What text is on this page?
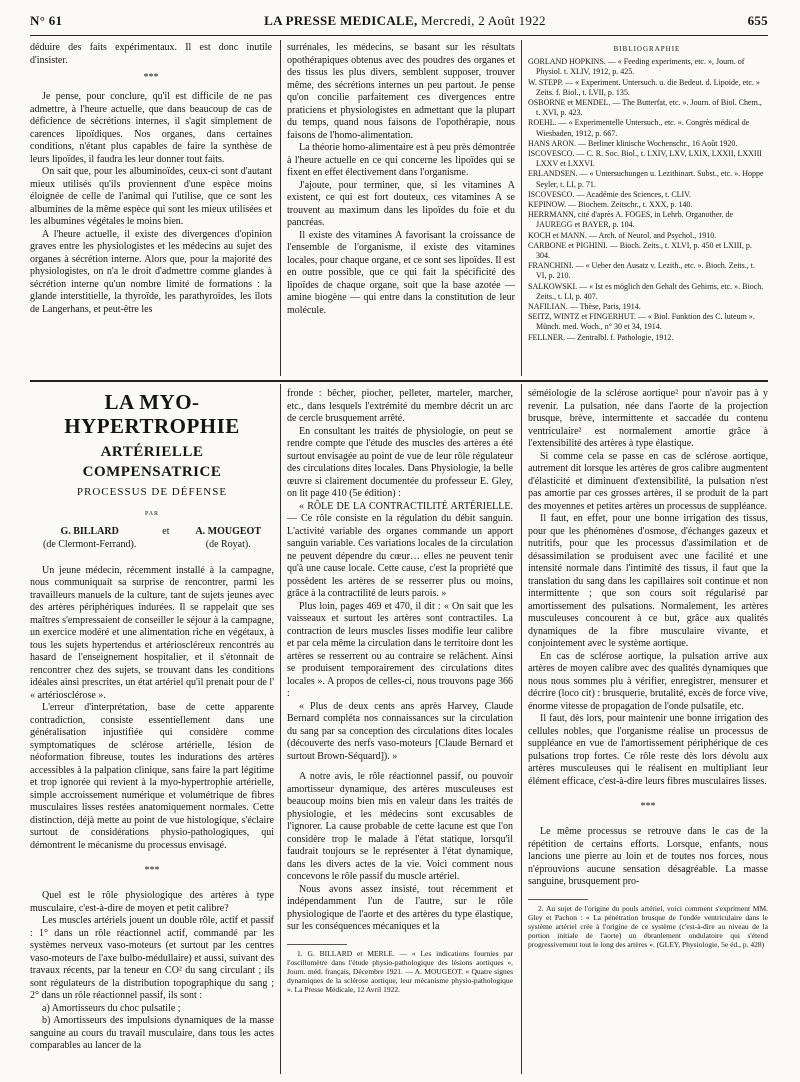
N° 61	LA PRESSE MEDICALE, Mercredi, 2 Août 1922	655

déduire des faits expérimentaux. Il est donc inutile d'insister.

***

Je pense, pour conclure, qu'il est difficile de ne pas admettre, à l'heure actuelle, que dans beaucoup de cas de déficience de sécrétions internes, il s'agit simplement de carences lipoïdiques. Nos organes, dans certaines conditions, n'étant plus capables de faire la synthèse de leurs lipoïdes, il faudra les leur donner tout faits.

On sait que, pour les albuminoïdes, ceux-ci sont d'autant mieux utilisés qu'ils proviennent d'une espèce moins éloignée de celle de l'animal qui l'utilise, que ce sont les albumines de la même espèce qui sont les mieux utilisées et les albumines végétales le moins bien.

A l'heure actuelle, il existe des divergences d'opinion graves entre les physiologistes et les médecins au sujet des organes à sécrétion interne. Alors que, pour la majorité des physiologistes, on n'a le droit d'admettre comme glandes à sécrétion interne qu'un nombre limité de formations : la glande interstitielle, la thyroïde, les parathyroïdes, les îlots de Langerhans, et peut-être les

surrénales, les médecins, se basant sur les résultats opothérapiques obtenus avec des poudres des organes et des tissus les plus divers, semblent supposer, trouver même, des sécrétions internes un peu partout. Je pense qu'on concilie parfaitement ces divergences entre praticiens et physiologistes en admettant que la plupart du temps, quand nous faisons de l'opothérapie, nous faisons de l'homo-alimentation.

La théorie homo-alimentaire est à peu près démontrée à l'heure actuelle en ce qui concerne les lipoïdes qui se fixent en effet électivement dans l'organisme.

J'ajoute, pour terminer, que, si les vitamines A existent, ce qui est fort douteux, ces vitamines A se trouvent au maximum dans les lipoïdes du foie et du pancréas.

Il existe des vitamines A favorisant la croissance de l'ensemble de l'organisme, il existe des vitamines locales, pour chaque organe, et ce sont ses lipoïdes. Il est en outre possible, que ce qui fait la spécificité des lipoïdes de chaque organe, soit que la base azotée — amine biogène — qui entre dans la constitution de leur molécule.

BIBLIOGRAPHIE

GORLAND HOPKINS. — « Feeding experiments, etc. », Journ. of Physiol. t. XLIV, 1912, p. 425.

W. STEPP. — « Experiment. Untersuch. u. die Bedeut. d. Lipoide, etc. » Zeits. f. Biol., t. LVII, p. 135.

OSBORNE et MENDEL. — The Butterfat, etc. ». Journ. of Biol. Chem., t. XVI, p. 423.

ROEHL. — « Experimentelle Untersuch., etc. ». Congrès médical de Wiesbaden, 1912, p. 667.

HANS ARON. — Berliner klinische Wochenschr., 16 Août 1920.

ISCOVESCO. — C. R. Soc. Biol., t. LXIV, LXV, LXIX, LXXII, LXXIII LXXV et LXXVI.

ERLANDSEN. — « Untersuchungen u. Lezithinart. Subst., etc. ». Hoppe Seyler, t. LI, p. 71.

ISCOVESCO. — Académie des Sciences, t. CLIV.

KEPINOW. — Biochem. Zeitschr., t. XXX, p. 140.

HERRMANN, cité d'après A. FOGES, in Lehrb. Organother. de JAUREGG et BAYER, p. 104.

KOCH et MANN. — Arch. of Neurol. and Psychol., 1910.

CARBONE et PIGHINI. — Bioch. Zeits., t. XLVI, p. 450 et LXIII, p. 304.

FRANCHINI. — « Ueber den Ausatz v. Lezith., etc. ». Bioch. Zeits., t. VI, p. 210.

SALKOWSKI. — « Ist es möglich den Gehalt des Gehirns, etc. ». Bioch. Zeits., t. LI, p. 407.

NAFILIAN. — Thèse, Paris, 1914.

SEITZ, WINTZ et FINGERHUT. — « Biol. Funktion des C. luteum ». Münch. med. Woch., n° 30 et 34, 1914.

FELLNER. — Zentralbl. f. Pathologie, 1912.

LA MYO-HYPERTROPHIE
ARTÉRIELLE COMPENSATRICE
PROCESSUS DE DÉFENSE
PAR
G. BILLARD
(de Clermont-Ferrand).
et	A. MOUGEOT
(de Royat).

Un jeune médecin, récemment installé à la campagne, nous communiquait sa surprise de rencontrer, parmi les travailleurs manuels de la culture, tant de sujets jeunes avec des artères périphériques indurées. Il se rappelait que ses maîtres s'empressaient de conseiller le séjour à la campagne, un exercice modéré et une alimentation riche en végétaux, à tous les sujets hypertendus et artérioscléreux rencontrés au hasard de l'enseignement hospitalier, et il s'étonnait de rencontrer chez des sujets, se trouvant dans les conditions idéales ainsi prescrites, un état artériel qu'il prenait pour de l' « artériosclérose ».

L'erreur d'interprétation, base de cette apparente contradiction, consiste essentiellement dans une généralisation injustifiée qui considère comme symptomatiques de sclérose artérielle, lésion de néoformation fibreuse, toutes les indurations des artères accessibles à la palpation clinique, sans faire la part légitime et trop ignorée qui revient à la myo-hypertrophie artérielle, simple accroissement numérique et volumétrique de fibres musculaires lisses restées anatomiquement normales. Cette distinction, déjà mette au point de vue histologique, s'éclaire surtout de considérations physio-pathologiques, qui démontrent le mécanisme du processus envisagé.

***

Quel est le rôle physiologique des artères à type musculaire, c'est-à-dire de moyen et petit calibre?

Les muscles artériels jouent un double rôle, actif et passif : 1° dans un rôle réactionnel actif, commandé par les systèmes nerveux vaso-moteurs (et surtout par les centres vaso-moteurs de l'axe bulbo-médullaire) et aussi, suivant des travaux récents, par la teneur en CO² du sang circulant ; ils sont régulateurs de la distribution topographique du sang ; 2° dans un rôle réactionnel passif, ils sont :

a) Amortisseurs du choc pulsatile ;

b) Amortisseurs des impulsions dynamiques de la masse sanguine au cours du travail musculaire, dans tous les actes comparables au lancer de la

fronde : bêcher, piocher, pelleter, marteler, marcher, etc., dans lesquels l'extrémité du membre décrit un arc de cercle brusquement arrêté.

En consultant les traités de physiologie, on peut se rendre compte que l'étude des muscles des artères a été surtout envisagée au point de vue de leur rôle régulateur des circulations dites locales. Dans Physiologie, la belle œuvre si clairement documentée du professeur E. Gley, on lit page 410 (5e édition) :

« RÔLE DE LA CONTRACTILITÉ ARTÉRIELLE. — Ce rôle consiste en la régulation du débit sanguin. L'activité variable des organes commande un apport sanguin variable. Ces variations locales de la circulation ne peuvent dépendre du cœur… elles ne peuvent tenir qu'à une cause locale. Cette cause, c'est la propriété que possèdent les artères de se resserrer plus ou moins, grâce à la contractilité de leurs parois. »

Plus loin, pages 469 et 470, il dit : « On sait que les vaisseaux et surtout les artères sont contractiles. La contraction de leurs muscles lisses modifie leur calibre et par cela même la circulation dans le territoire dont les artères se resserrent ou au contraire se relâchent. Ainsi se produisent temporairement des circulations dites locales ». A propos de celles-ci, nous trouvons page 366 :

« Plus de deux cents ans après Harvey, Claude Bernard compléta nos connaissances sur la circulation du sang par sa conception des circulations dites locales (découverte des nerfs vaso-moteurs [Claude Bernard et surtout Brown-Séquard]). »

A notre avis, le rôle réactionnel passif, ou pouvoir amortisseur dynamique, des artères musculeuses est beaucoup moins bien mis en valeur dans les traités de physiologie, et les médecins sont excusables de l'ignorer. La cause probable de cette lacune est que l'on considère trop le malade à l'état statique, lorsqu'il faudrait toujours se le représenter à l'état dynamique, dans les divers actes de la vie. Voici comment nous concevons le rôle passif du muscle artériel.

Nous avons assez insisté, tout récemment et indépendamment l'un de l'autre, sur le rôle physiologique de l'aorte et des artères du type élastique, sur les conséquences mécaniques et la

1. G. BILLARD et MERLE. — « Les indications fournies par l'oscillomètre dans l'étude physio-pathologique des lésions aortiques ». Journ. méd. français, Décembre 1921. — A. MOUGEOT. « Quatre signes dynamiques de la sclérose aortique, leur mécanisme physio-pathologique ». La Presse Médicale, 12 Avril 1922.

séméiologie de la sclérose aortique² pour n'avoir pas à y revenir. La pulsation, née dans l'aorte de la projection brusque, brève, intermittente et saccadée du contenu ventriculaire² est normalement amortie grâce à l'extensibilité des artères à type élastique.

Si comme cela se passe en cas de sclérose aortique, autrement dit lorsque les artères de gros calibre augmentent d'élasticité et diminuent d'extensibilité, la pulsation n'est pas amortie par ces grosses artères, il se produit de la part des moyennes et petites artères un processus de suppléance.

Il faut, en effet, pour une bonne irrigation des tissus, pour que les phénomènes d'osmose, d'échanges gazeux et nutritifs, pour que les processus d'assimilation et de désassimilation se produisent avec une facilité et une intensité normale dans l'intimité des tissus, il faut que la translation du sang dans les capillaires soit continue et non intermittente ; que son cours soit régularisé par amortissement des pulsations. Normalement, les artères musculeuses concourent à ce but, grâce aux qualités dynamiques de la fibre musculaire vivante, et conjointement avec le système aortique.

En cas de sclérose aortique, la pulsation arrive aux artères de moyen calibre avec des qualités dynamiques que nous nous sommes plu à vérifier, enregistrer, mensurer et décrire (loco cit) : brusquerie, brutalité, excès de force vive, énorme vitesse de propagation de l'onde pulsatile, etc.

Il faut, dès lors, pour maintenir une bonne irrigation des cellules nobles, que l'organisme réalise un processus de suppléance en vue de l'amortissement périphérique de ces pulsations trop fortes. Ce rôle reste dès lors dévolu aux artères musculeuses qui le réalisent en multipliant leur élément efficace, c'est-à-dire leurs fibres musculaires lisses.

***

Le même processus se retrouve dans le cas de la répétition de certains efforts. Lorsque, enfants, nous lancions une pierre au loin et de toutes nos forces, nous n'éprouvions aucune sensation désagréable. La masse sanguine, brusquement pro-

2. Au sujet de l'origine du pouls artériel, voici comment s'expriment MM. Gley et Pachon : « La pénétration brusque de l'ondée ventriculaire dans le système artériel crée à l'origine de ce système (c'est-à-dire au niveau de la portion initiale de l'aorte) un ébranlement ondulatoire qui s'étend progressivement tout le long des artères ». (GLEY, Physiologie, 5e éd., p. 428)
